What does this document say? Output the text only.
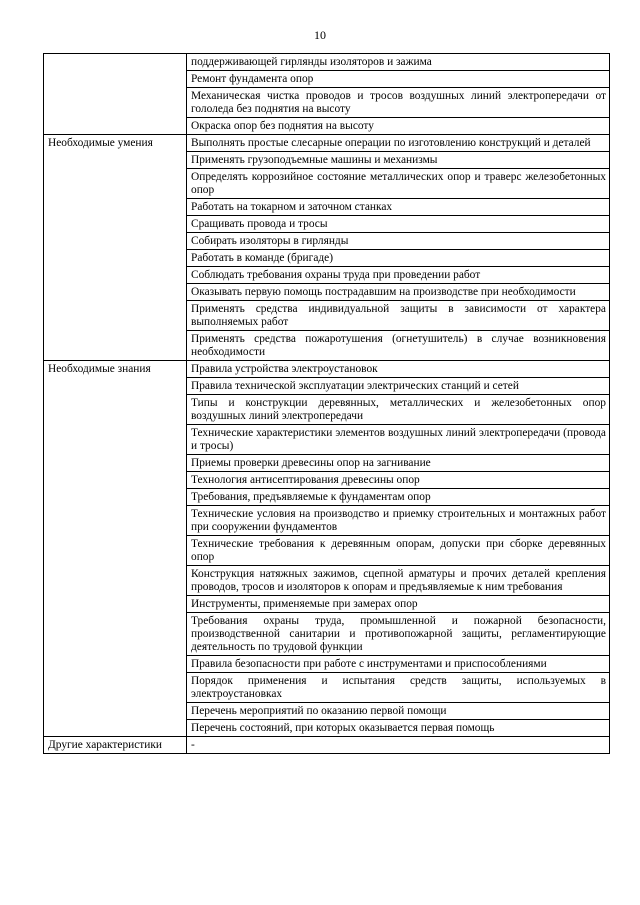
10
	поддерживающей гирлянды изоляторов и зажима
	Ремонт фундамента опор
	Механическая чистка проводов и тросов воздушных линий электропередачи от гололеда без поднятия на высоту
	Окраска опор без поднятия на высоту
Необходимые умения	Выполнять простые слесарные операции по изготовлению конструкций и деталей
	Применять грузоподъемные машины и механизмы
	Определять коррозийное состояние металлических опор и траверс железобетонных опор
	Работать на токарном и заточном станках
	Сращивать провода и тросы
	Собирать изоляторы в гирлянды
	Работать в команде (бригаде)
	Соблюдать требования охраны труда при проведении работ
	Оказывать первую помощь пострадавшим на производстве при необходимости
	Применять средства индивидуальной защиты в зависимости от характера выполняемых работ
	Применять средства пожаротушения (огнетушитель) в случае возникновения необходимости
Необходимые знания	Правила устройства электроустановок
	Правила технической эксплуатации электрических станций и сетей
	Типы и конструкции деревянных, металлических и железобетонных опор воздушных линий электропередачи
	Технические характеристики элементов воздушных линий электропередачи (провода и тросы)
	Приемы проверки древесины опор на загнивание
	Технология антисептирования древесины опор
	Требования, предъявляемые к фундаментам опор
	Технические условия на производство и приемку строительных и монтажных работ при сооружении фундаментов
	Технические требования к деревянным опорам, допуски при сборке деревянных опор
	Конструкция натяжных зажимов, сцепной арматуры и прочих деталей крепления проводов, тросов и изоляторов к опорам и предъявляемые к ним требования
	Инструменты, применяемые при замерах опор
	Требования охраны труда, промышленной и пожарной безопасности, производственной санитарии и противопожарной защиты, регламентирующие деятельность по трудовой функции
	Правила безопасности при работе с инструментами и приспособлениями
	Порядок применения и испытания средств защиты, используемых в электроустановках
	Перечень мероприятий по оказанию первой помощи
	Перечень состояний, при которых оказывается первая помощь
Другие характеристики	-
